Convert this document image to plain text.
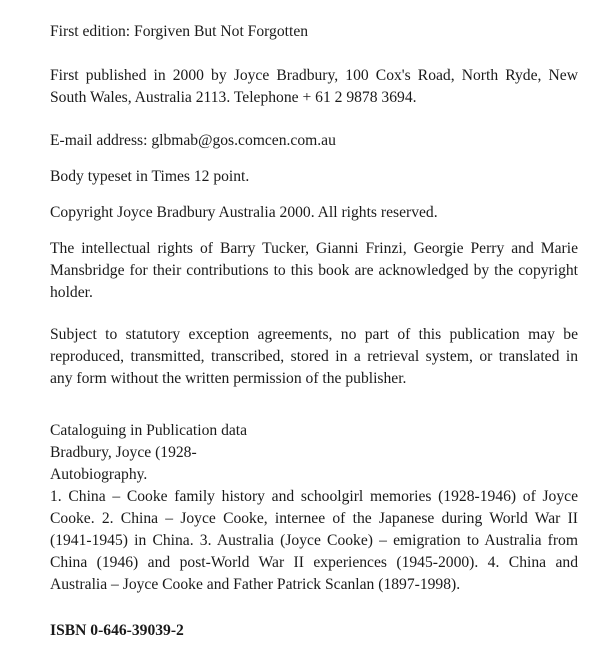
First edition: Forgiven But Not Forgotten
First published in 2000 by Joyce Bradbury, 100 Cox's Road, North Ryde, New South Wales, Australia 2113. Telephone + 61 2 9878 3694.
E-mail address: glbmab@gos.comcen.com.au
Body typeset in Times 12 point.
Copyright Joyce Bradbury Australia 2000. All rights reserved.
The intellectual rights of Barry Tucker, Gianni Frinzi, Georgie Perry and Marie Mansbridge for their contributions to this book are acknowledged by the copyright holder.
Subject to statutory exception agreements, no part of this publication may be reproduced, transmitted, transcribed, stored in a retrieval system, or translated in any form without the written permission of the publisher.
Cataloguing in Publication data
Bradbury, Joyce (1928-
Autobiography.
1. China – Cooke family history and schoolgirl memories (1928-1946) of Joyce Cooke. 2. China – Joyce Cooke, internee of the Japanese during World War II (1941-1945) in China. 3. Australia (Joyce Cooke) – emigration to Australia from China (1946) and post-World War II experiences (1945-2000). 4. China and Australia – Joyce Cooke and Father Patrick Scanlan (1897-1998).
ISBN 0-646-39039-2
